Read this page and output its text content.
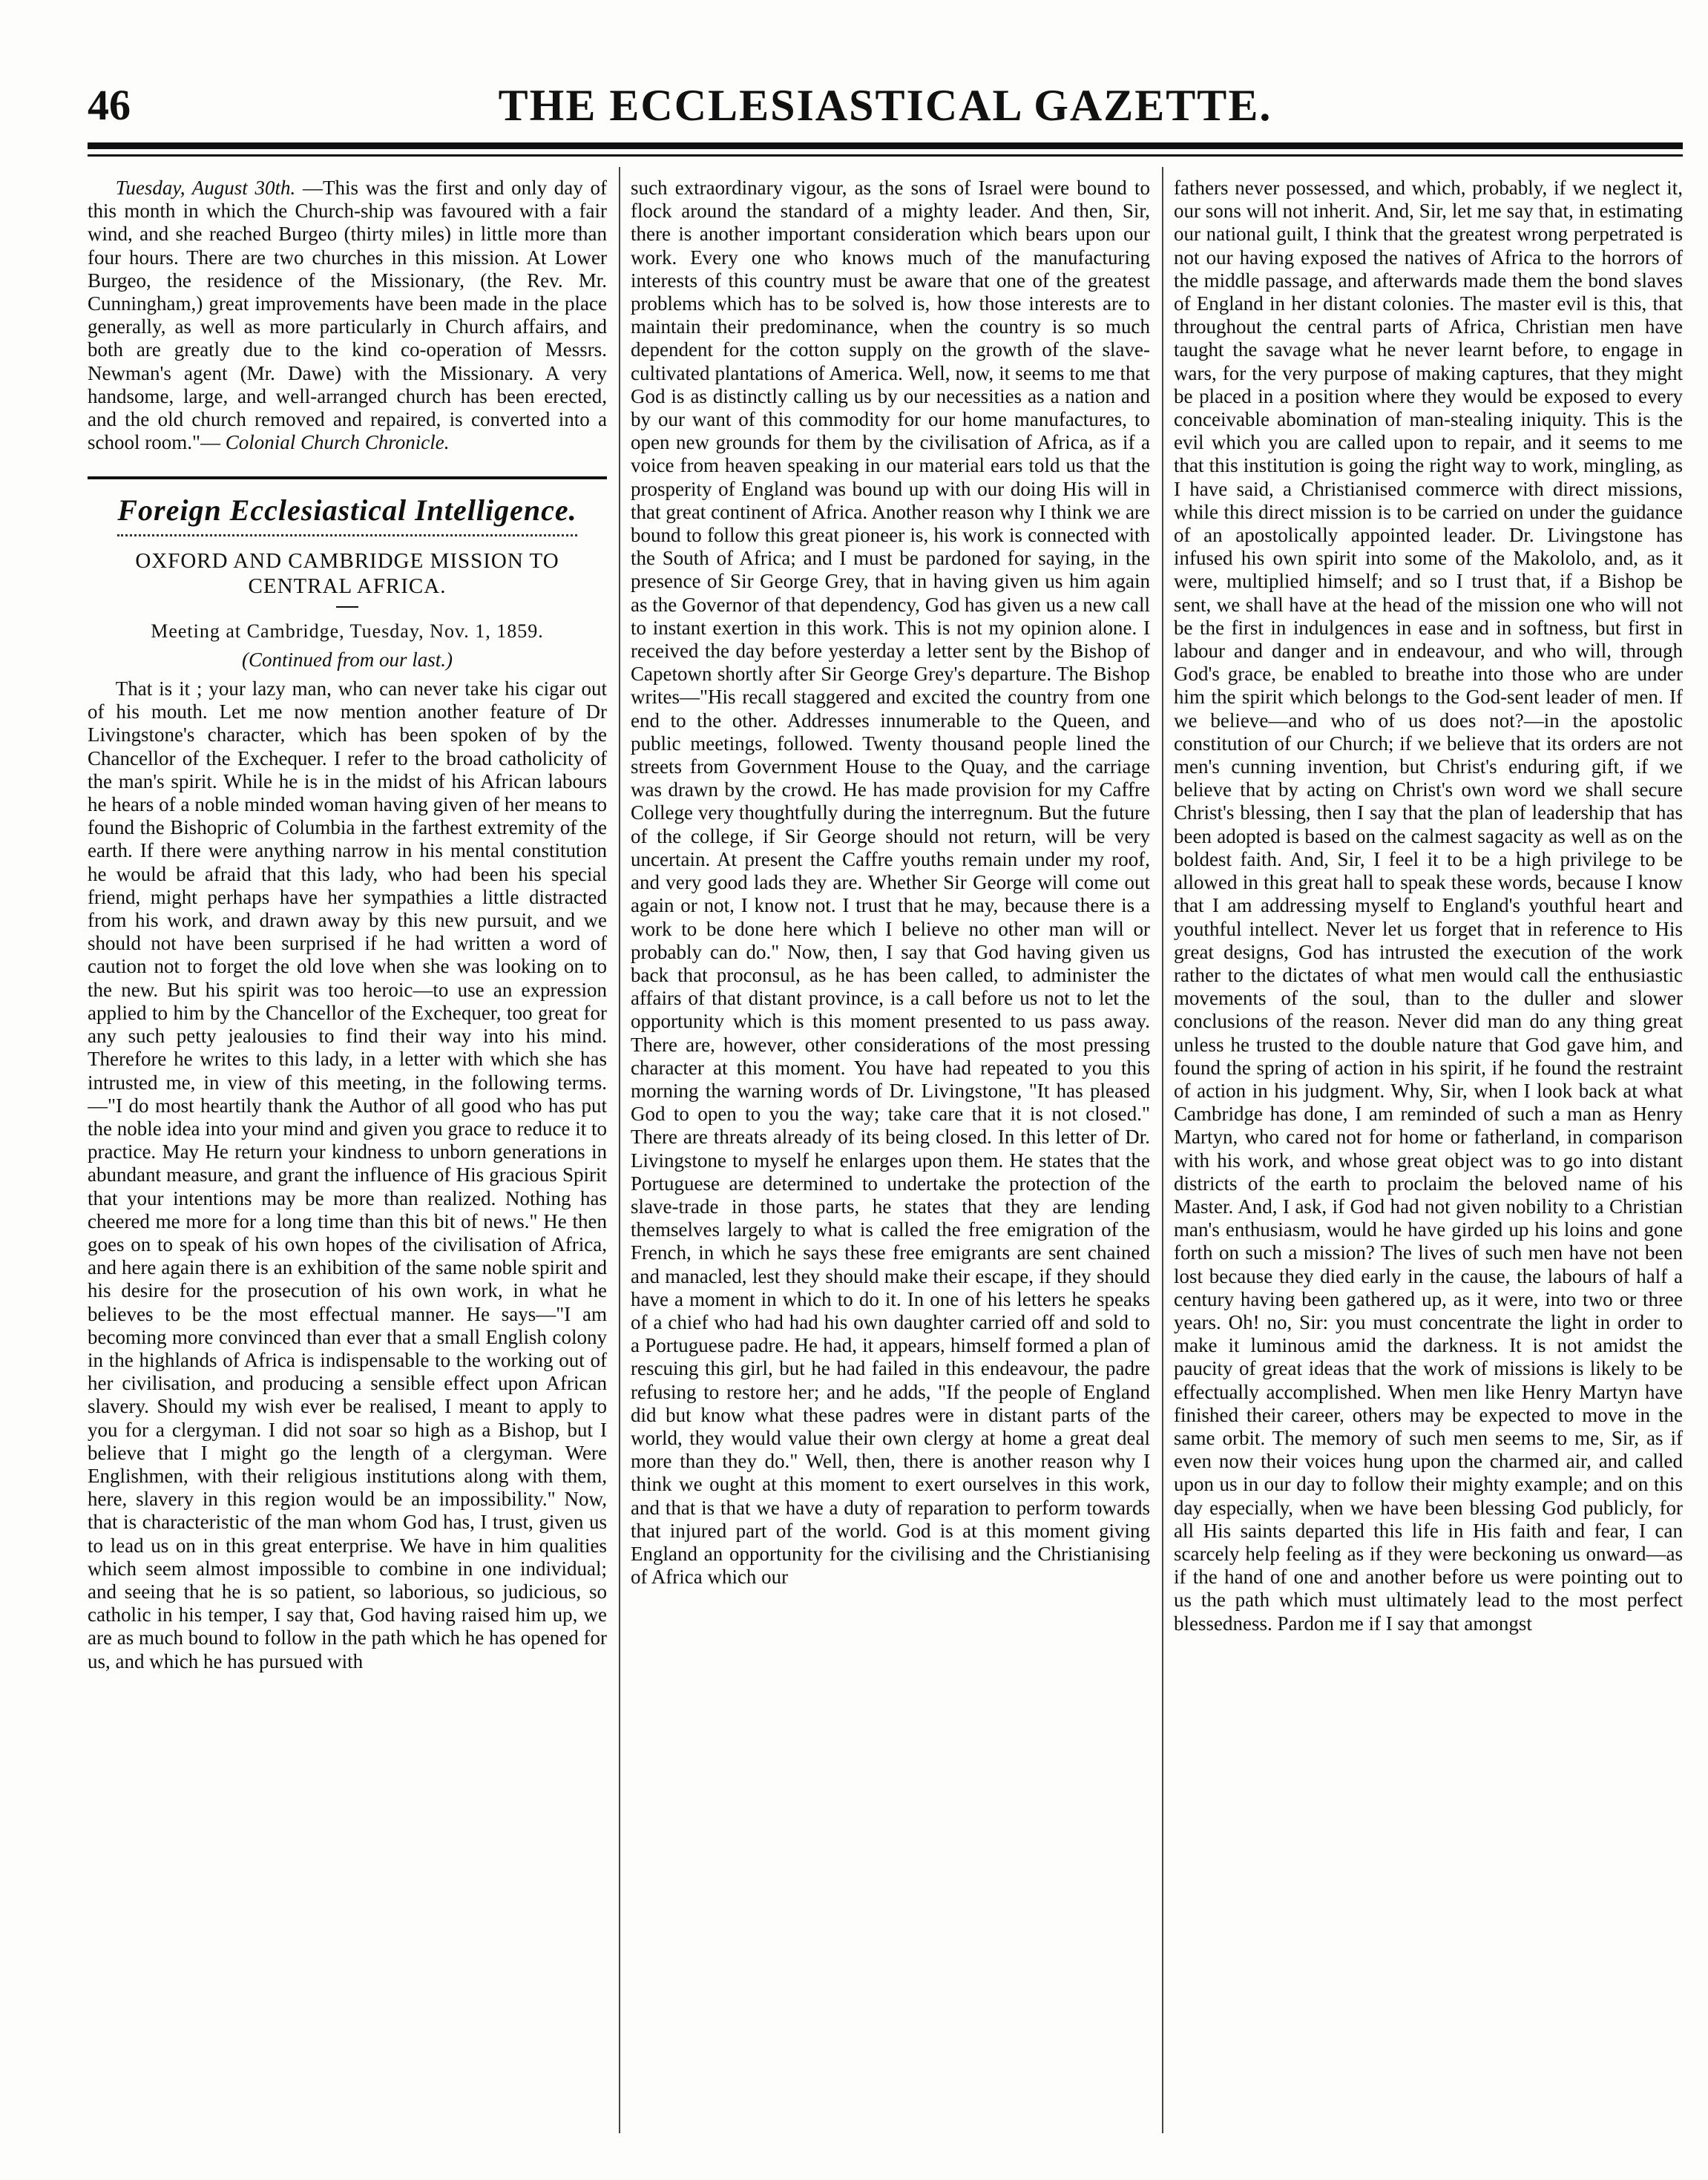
46	THE ECCLESIASTICAL GAZETTE.

Tuesday, August 30th. —This was the first and only day of this month in which the Church-ship was favoured with a fair wind, and she reached Burgeo (thirty miles) in little more than four hours. There are two churches in this mission. At Lower Burgeo, the residence of the Missionary, (the Rev. Mr. Cunningham,) great improvements have been made in the place generally, as well as more particularly in Church affairs, and both are greatly due to the kind co-operation of Messrs. Newman's agent (Mr. Dawe) with the Missionary. A very handsome, large, and well-arranged church has been erected, and the old church removed and repaired, is converted into a school room."— Colonial Church Chronicle.

Foreign Ecclesiastical Intelligence.
OXFORD AND CAMBRIDGE MISSION TO CENTRAL AFRICA.
Meeting at Cambridge, Tuesday, Nov. 1, 1859.
(Continued from our last.)

That is it ; your lazy man, who can never take his cigar out of his mouth. Let me now mention another feature of Dr Livingstone's character, which has been spoken of by the Chancellor of the Exchequer. I refer to the broad catholicity of the man's spirit. While he is in the midst of his African labours he hears of a noble minded woman having given of her means to found the Bishopric of Columbia in the farthest extremity of the earth. If there were anything narrow in his mental constitution he would be afraid that this lady, who had been his special friend, might perhaps have her sympathies a little distracted from his work, and drawn away by this new pursuit, and we should not have been surprised if he had written a word of caution not to forget the old love when she was looking on to the new. But his spirit was too heroic—to use an expression applied to him by the Chancellor of the Exchequer, too great for any such petty jealousies to find their way into his mind. Therefore he writes to this lady, in a letter with which she has intrusted me, in view of this meeting, in the following terms.—"I do most heartily thank the Author of all good who has put the noble idea into your mind and given you grace to reduce it to practice. May He return your kindness to unborn generations in abundant measure, and grant the influence of His gracious Spirit that your intentions may be more than realized. Nothing has cheered me more for a long time than this bit of news." He then goes on to speak of his own hopes of the civilisation of Africa, and here again there is an exhibition of the same noble spirit and his desire for the prosecution of his own work, in what he believes to be the most effectual manner. He says—"I am becoming more convinced than ever that a small English colony in the highlands of Africa is indispensable to the working out of her civilisation, and producing a sensible effect upon African slavery. Should my wish ever be realised, I meant to apply to you for a clergyman. I did not soar so high as a Bishop, but I believe that I might go the length of a clergyman. Were Englishmen, with their religious institutions along with them, here, slavery in this region would be an impossibility." Now, that is characteristic of the man whom God has, I trust, given us to lead us on in this great enterprise. We have in him qualities which seem almost impossible to combine in one individual; and seeing that he is so patient, so laborious, so judicious, so catholic in his temper, I say that, God having raised him up, we are as much bound to follow in the path which he has opened for us, and which he has pursued with

such extraordinary vigour, as the sons of Israel were bound to flock around the standard of a mighty leader. And then, Sir, there is another important consideration which bears upon our work. Every one who knows much of the manufacturing interests of this country must be aware that one of the greatest problems which has to be solved is, how those interests are to maintain their predominance, when the country is so much dependent for the cotton supply on the growth of the slave-cultivated plantations of America. Well, now, it seems to me that God is as distinctly calling us by our necessities as a nation and by our want of this commodity for our home manufactures, to open new grounds for them by the civilisation of Africa, as if a voice from heaven speaking in our material ears told us that the prosperity of England was bound up with our doing His will in that great continent of Africa. Another reason why I think we are bound to follow this great pioneer is, his work is connected with the South of Africa; and I must be pardoned for saying, in the presence of Sir George Grey, that in having given us him again as the Governor of that dependency, God has given us a new call to instant exertion in this work. This is not my opinion alone. I received the day before yesterday a letter sent by the Bishop of Capetown shortly after Sir George Grey's departure. The Bishop writes—"His recall staggered and excited the country from one end to the other. Addresses innumerable to the Queen, and public meetings, followed. Twenty thousand people lined the streets from Government House to the Quay, and the carriage was drawn by the crowd. He has made provision for my Caffre College very thoughtfully during the interregnum. But the future of the college, if Sir George should not return, will be very uncertain. At present the Caffre youths remain under my roof, and very good lads they are. Whether Sir George will come out again or not, I know not. I trust that he may, because there is a work to be done here which I believe no other man will or probably can do." Now, then, I say that God having given us back that proconsul, as he has been called, to administer the affairs of that distant province, is a call before us not to let the opportunity which is this moment presented to us pass away. There are, however, other considerations of the most pressing character at this moment. You have had repeated to you this morning the warning words of Dr. Livingstone, "It has pleased God to open to you the way; take care that it is not closed." There are threats already of its being closed. In this letter of Dr. Livingstone to myself he enlarges upon them. He states that the Portuguese are determined to undertake the protection of the slave-trade in those parts, he states that they are lending themselves largely to what is called the free emigration of the French, in which he says these free emigrants are sent chained and manacled, lest they should make their escape, if they should have a moment in which to do it. In one of his letters he speaks of a chief who had had his own daughter carried off and sold to a Portuguese padre. He had, it appears, himself formed a plan of rescuing this girl, but he had failed in this endeavour, the padre refusing to restore her; and he adds, "If the people of England did but know what these padres were in distant parts of the world, they would value their own clergy at home a great deal more than they do." Well, then, there is another reason why I think we ought at this moment to exert ourselves in this work, and that is that we have a duty of reparation to perform towards that injured part of the world. God is at this moment giving England an opportunity for the civilising and the Christianising of Africa which our

fathers never possessed, and which, probably, if we neglect it, our sons will not inherit. And, Sir, let me say that, in estimating our national guilt, I think that the greatest wrong perpetrated is not our having exposed the natives of Africa to the horrors of the middle passage, and afterwards made them the bond slaves of England in her distant colonies. The master evil is this, that throughout the central parts of Africa, Christian men have taught the savage what he never learnt before, to engage in wars, for the very purpose of making captures, that they might be placed in a position where they would be exposed to every conceivable abomination of man-stealing iniquity. This is the evil which you are called upon to repair, and it seems to me that this institution is going the right way to work, mingling, as I have said, a Christianised commerce with direct missions, while this direct mission is to be carried on under the guidance of an apostolically appointed leader. Dr. Livingstone has infused his own spirit into some of the Makololo, and, as it were, multiplied himself; and so I trust that, if a Bishop be sent, we shall have at the head of the mission one who will not be the first in indulgences in ease and in softness, but first in labour and danger and in endeavour, and who will, through God's grace, be enabled to breathe into those who are under him the spirit which belongs to the God-sent leader of men. If we believe—and who of us does not?—in the apostolic constitution of our Church; if we believe that its orders are not men's cunning invention, but Christ's enduring gift, if we believe that by acting on Christ's own word we shall secure Christ's blessing, then I say that the plan of leadership that has been adopted is based on the calmest sagacity as well as on the boldest faith. And, Sir, I feel it to be a high privilege to be allowed in this great hall to speak these words, because I know that I am addressing myself to England's youthful heart and youthful intellect. Never let us forget that in reference to His great designs, God has intrusted the execution of the work rather to the dictates of what men would call the enthusiastic movements of the soul, than to the duller and slower conclusions of the reason. Never did man do any thing great unless he trusted to the double nature that God gave him, and found the spring of action in his spirit, if he found the restraint of action in his judgment. Why, Sir, when I look back at what Cambridge has done, I am reminded of such a man as Henry Martyn, who cared not for home or fatherland, in comparison with his work, and whose great object was to go into distant districts of the earth to proclaim the beloved name of his Master. And, I ask, if God had not given nobility to a Christian man's enthusiasm, would he have girded up his loins and gone forth on such a mission? The lives of such men have not been lost because they died early in the cause, the labours of half a century having been gathered up, as it were, into two or three years. Oh! no, Sir: you must concentrate the light in order to make it luminous amid the darkness. It is not amidst the paucity of great ideas that the work of missions is likely to be effectually accomplished. When men like Henry Martyn have finished their career, others may be expected to move in the same orbit. The memory of such men seems to me, Sir, as if even now their voices hung upon the charmed air, and called upon us in our day to follow their mighty example; and on this day especially, when we have been blessing God publicly, for all His saints departed this life in His faith and fear, I can scarcely help feeling as if they were beckoning us onward—as if the hand of one and another before us were pointing out to us the path which must ultimately lead to the most perfect blessedness. Pardon me if I say that amongst
